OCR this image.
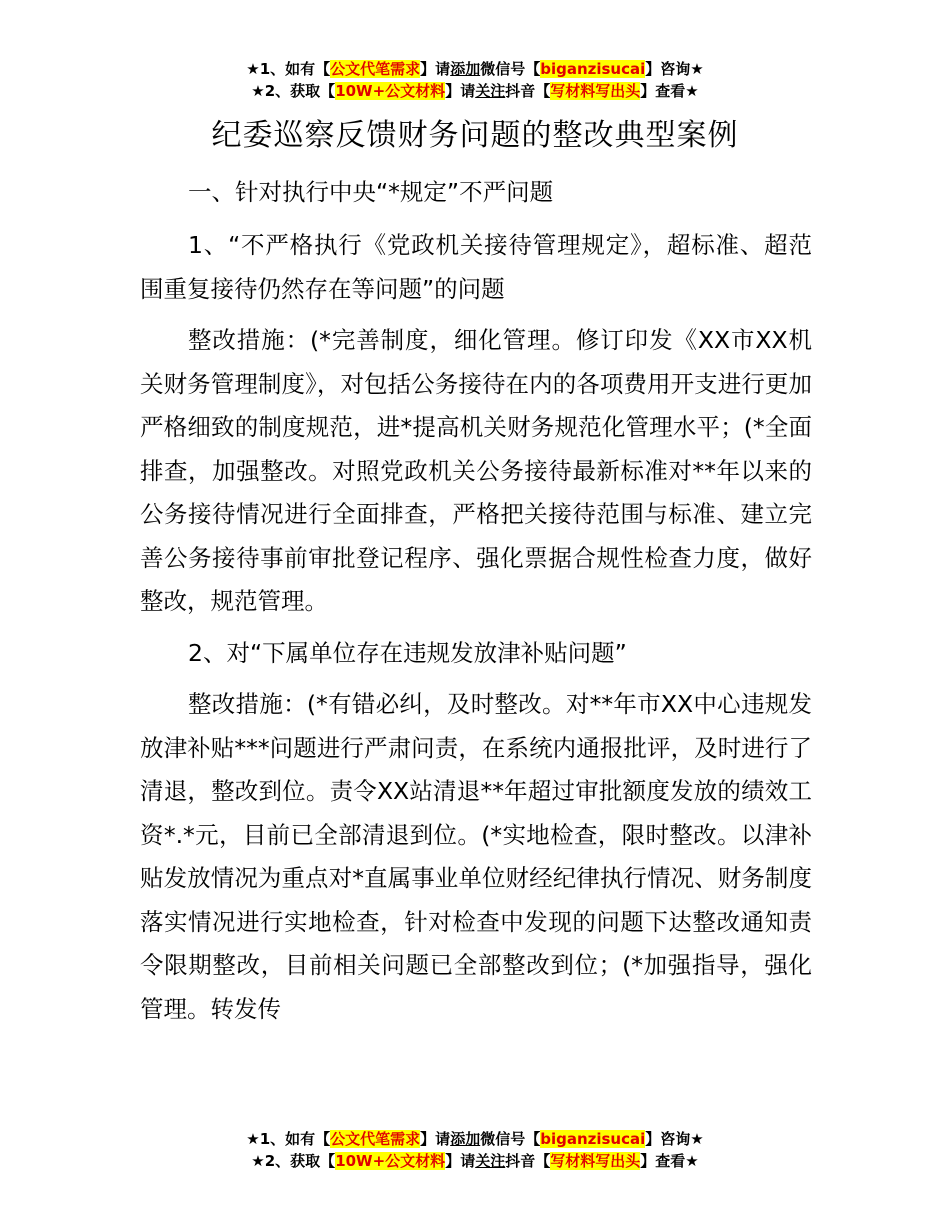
★1、如有【公文代笔需求】请添加微信号【biganzisucai】咨询★
★2、获取【10W+公文材料】请关注抖音【写材料写出头】查看★
纪委巡察反馈财务问题的整改典型案例

一、针对执行中央“*规定”不严问题

1、“不严格执行《党政机关接待管理规定》，超标准、超范围重复接待仍然存在等问题”的问题

整改措施：(*完善制度，细化管理。修订印发《XX市XX机关财务管理制度》，对包括公务接待在内的各项费用开支进行更加严格细致的制度规范，进*提高机关财务规范化管理水平；(*全面排查，加强整改。对照党政机关公务接待最新标准对**年以来的公务接待情况进行全面排查，严格把关接待范围与标准、建立完善公务接待事前审批登记程序、强化票据合规性检查力度，做好整改，规范管理。

2、对“下属单位存在违规发放津补贴问题”

整改措施：(*有错必纠，及时整改。对**年市XX中心违规发放津补贴***问题进行严肃问责，在系统内通报批评，及时进行了清退，整改到位。责令XX站清退**年超过审批额度发放的绩效工资*.*元，目前已全部清退到位。(*实地检查，限时整改。以津补贴发放情况为重点对*直属事业单位财经纪律执行情况、财务制度落实情况进行实地检查，针对检查中发现的问题下达整改通知责令限期整改，目前相关问题已全部整改到位；(*加强指导，强化管理。转发传

★1、如有【公文代笔需求】请添加微信号【biganzisucai】咨询★
★2、获取【10W+公文材料】请关注抖音【写材料写出头】查看★
